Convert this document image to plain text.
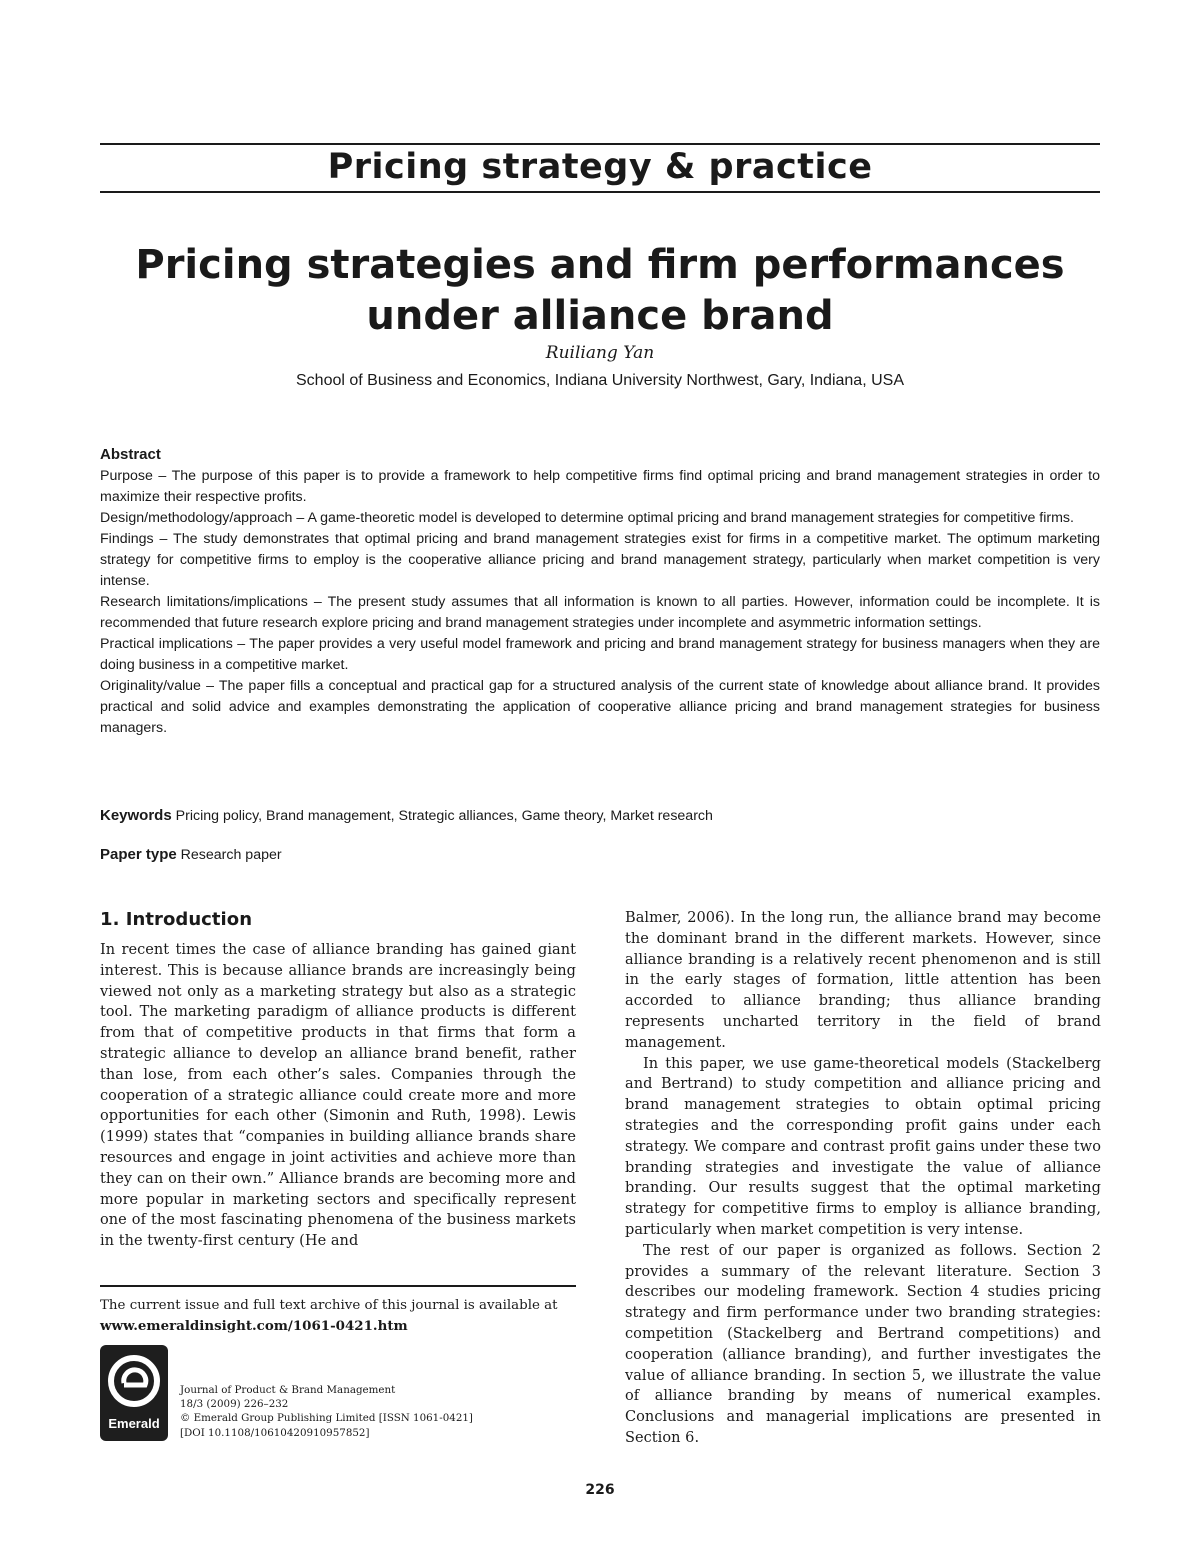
Pricing strategy & practice
Pricing strategies and firm performances under alliance brand
Ruiliang Yan
School of Business and Economics, Indiana University Northwest, Gary, Indiana, USA
Abstract

Purpose – The purpose of this paper is to provide a framework to help competitive firms find optimal pricing and brand management strategies in order to maximize their respective profits.

Design/methodology/approach – A game-theoretic model is developed to determine optimal pricing and brand management strategies for competitive firms.

Findings – The study demonstrates that optimal pricing and brand management strategies exist for firms in a competitive market. The optimum marketing strategy for competitive firms to employ is the cooperative alliance pricing and brand management strategy, particularly when market competition is very intense.

Research limitations/implications – The present study assumes that all information is known to all parties. However, information could be incomplete. It is recommended that future research explore pricing and brand management strategies under incomplete and asymmetric information settings.

Practical implications – The paper provides a very useful model framework and pricing and brand management strategy for business managers when they are doing business in a competitive market.

Originality/value – The paper fills a conceptual and practical gap for a structured analysis of the current state of knowledge about alliance brand. It provides practical and solid advice and examples demonstrating the application of cooperative alliance pricing and brand management strategies for business managers.

Keywords Pricing policy, Brand management, Strategic alliances, Game theory, Market research
Paper type Research paper
1. Introduction

In recent times the case of alliance branding has gained giant interest. This is because alliance brands are increasingly being viewed not only as a marketing strategy but also as a strategic tool. The marketing paradigm of alliance products is different from that of competitive products in that firms that form a strategic alliance to develop an alliance brand benefit, rather than lose, from each other’s sales. Companies through the cooperation of a strategic alliance could create more and more opportunities for each other (Simonin and Ruth, 1998). Lewis (1999) states that “companies in building alliance brands share resources and engage in joint activities and achieve more than they can on their own.” Alliance brands are becoming more and more popular in marketing sectors and specifically represent one of the most fascinating phenomena of the business markets in the twenty-first century (He and

Balmer, 2006). In the long run, the alliance brand may become the dominant brand in the different markets. However, since alliance branding is a relatively recent phenomenon and is still in the early stages of formation, little attention has been accorded to alliance branding; thus alliance branding represents uncharted territory in the field of brand management.

In this paper, we use game-theoretical models (Stackelberg and Bertrand) to study competition and alliance pricing and brand management strategies to obtain optimal pricing strategies and the corresponding profit gains under each strategy. We compare and contrast profit gains under these two branding strategies and investigate the value of alliance branding. Our results suggest that the optimal marketing strategy for competitive firms to employ is alliance branding, particularly when market competition is very intense.

The rest of our paper is organized as follows. Section 2 provides a summary of the relevant literature. Section 3 describes our modeling framework. Section 4 studies pricing strategy and firm performance under two branding strategies: competition (Stackelberg and Bertrand competitions) and cooperation (alliance branding), and further investigates the value of alliance branding. In section 5, we illustrate the value of alliance branding by means of numerical examples. Conclusions and managerial implications are presented in Section 6.

The current issue and full text archive of this journal is available at
www.emeraldinsight.com/1061-0421.htm
Emerald
Journal of Product & Brand Management
18/3 (2009) 226–232
© Emerald Group Publishing Limited [ISSN 1061-0421]
[DOI 10.1108/10610420910957852]
226
